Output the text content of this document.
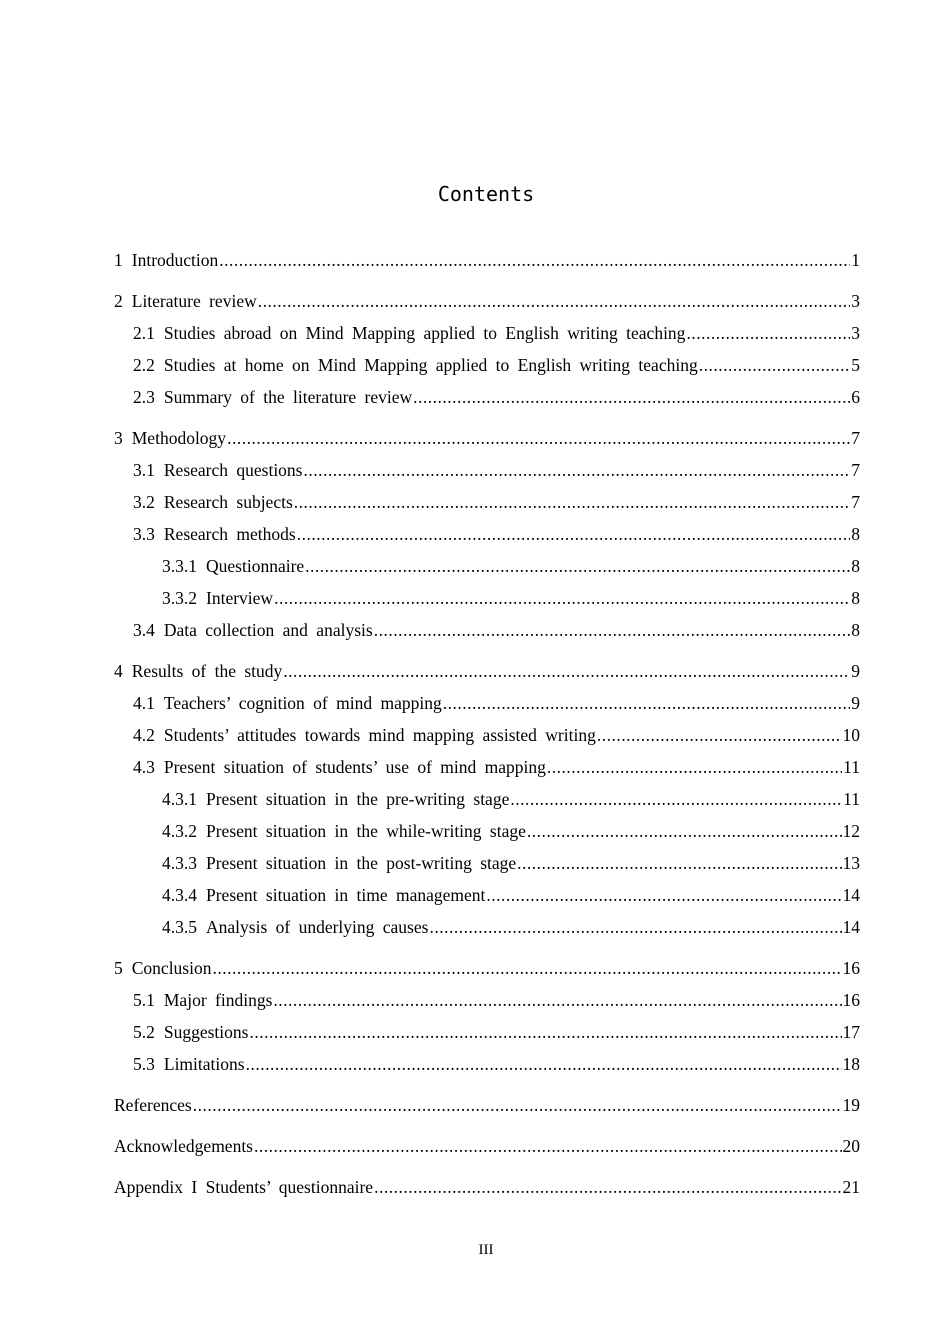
Contents
1 Introduction .....	1
2 Literature review .....	3
2.1 Studies abroad on Mind Mapping applied to English writing teaching .....	3
2.2 Studies at home on Mind Mapping applied to English writing teaching .....	5
2.3 Summary of the literature review .....	6
3 Methodology .....	7
3.1 Research questions .....	7
3.2 Research subjects .....	7
3.3 Research methods .....	8
3.3.1 Questionnaire .....	8
3.3.2 Interview .....	8
3.4 Data collection and analysis .....	8
4 Results of the study .....	9
4.1 Teachers’ cognition of mind mapping .....	9
4.2 Students’ attitudes towards mind mapping assisted writing .....	10
4.3 Present situation of students’ use of mind mapping .....	11
4.3.1 Present situation in the pre-writing stage .....	11
4.3.2 Present situation in the while-writing stage .....	12
4.3.3 Present situation in the post-writing stage .....	13
4.3.4 Present situation in time management .....	14
4.3.5 Analysis of underlying causes .....	14
5 Conclusion .....	16
5.1 Major findings .....	16
5.2 Suggestions .....	17
5.3 Limitations .....	18
References .....	19
Acknowledgements .....	20
Appendix I Students’ questionnaire .....	21
III
